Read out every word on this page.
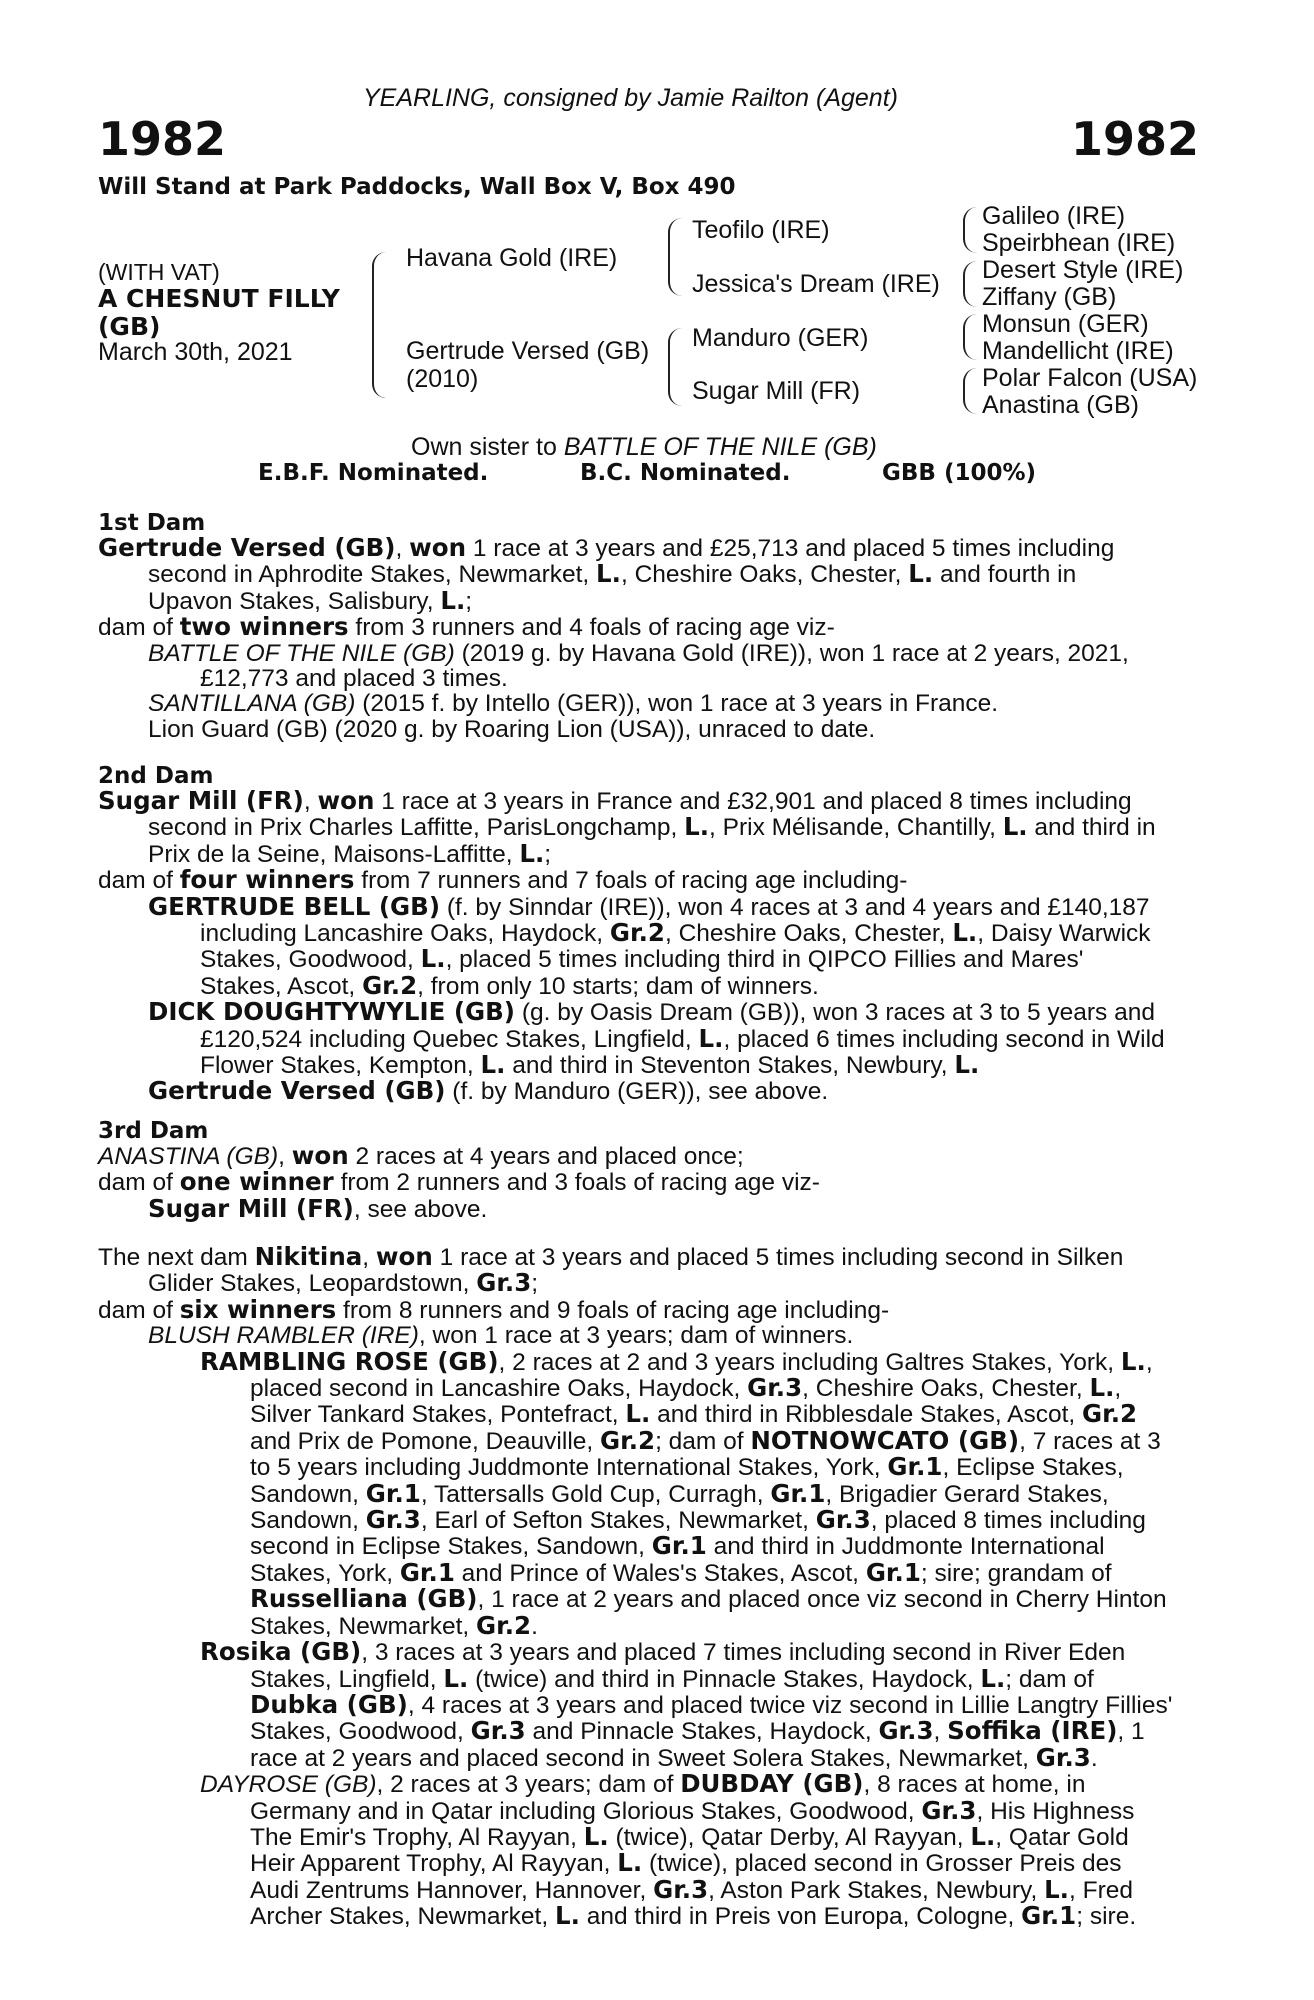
YEARLING, consigned by Jamie Railton (Agent)
1982	1982
Will Stand at Park Paddocks, Wall Box V, Box 490
(WITH VAT)
A CHESNUT FILLY
(GB)
March 30th, 2021
Havana Gold (IRE)
Gertrude Versed (GB)
(2010)
Teofilo (IRE)
Jessica's Dream (IRE)
Manduro (GER)
Sugar Mill (FR)
Galileo (IRE)
Speirbhean (IRE)
Desert Style (IRE)
Ziffany (GB)
Monsun (GER)
Mandellicht (IRE)
Polar Falcon (USA)
Anastina (GB)
Own sister to BATTLE OF THE NILE (GB)
E.B.F. Nominated.	B.C. Nominated.	GBB (100%)
1st Dam
Gertrude Versed (GB), won 1 race at 3 years and £25,713 and placed 5 times including
second in Aphrodite Stakes, Newmarket, L., Cheshire Oaks, Chester, L. and fourth in
Upavon Stakes, Salisbury, L.;
dam of two winners from 3 runners and 4 foals of racing age viz-
BATTLE OF THE NILE (GB) (2019 g. by Havana Gold (IRE)), won 1 race at 2 years, 2021,
£12,773 and placed 3 times.
SANTILLANA (GB) (2015 f. by Intello (GER)), won 1 race at 3 years in France.
Lion Guard (GB) (2020 g. by Roaring Lion (USA)), unraced to date.
2nd Dam
Sugar Mill (FR), won 1 race at 3 years in France and £32,901 and placed 8 times including
second in Prix Charles Laffitte, ParisLongchamp, L., Prix Mélisande, Chantilly, L. and third in
Prix de la Seine, Maisons-Laffitte, L.;
dam of four winners from 7 runners and 7 foals of racing age including-
GERTRUDE BELL (GB) (f. by Sinndar (IRE)), won 4 races at 3 and 4 years and £140,187
including Lancashire Oaks, Haydock, Gr.2, Cheshire Oaks, Chester, L., Daisy Warwick
Stakes, Goodwood, L., placed 5 times including third in QIPCO Fillies and Mares'
Stakes, Ascot, Gr.2, from only 10 starts; dam of winners.
DICK DOUGHTYWYLIE (GB) (g. by Oasis Dream (GB)), won 3 races at 3 to 5 years and
£120,524 including Quebec Stakes, Lingfield, L., placed 6 times including second in Wild
Flower Stakes, Kempton, L. and third in Steventon Stakes, Newbury, L.
Gertrude Versed (GB) (f. by Manduro (GER)), see above.
3rd Dam
ANASTINA (GB), won 2 races at 4 years and placed once;
dam of one winner from 2 runners and 3 foals of racing age viz-
Sugar Mill (FR), see above.
The next dam Nikitina, won 1 race at 3 years and placed 5 times including second in Silken
Glider Stakes, Leopardstown, Gr.3;
dam of six winners from 8 runners and 9 foals of racing age including-
BLUSH RAMBLER (IRE), won 1 race at 3 years; dam of winners.
RAMBLING ROSE (GB), 2 races at 2 and 3 years including Galtres Stakes, York, L.,
placed second in Lancashire Oaks, Haydock, Gr.3, Cheshire Oaks, Chester, L.,
Silver Tankard Stakes, Pontefract, L. and third in Ribblesdale Stakes, Ascot, Gr.2
and Prix de Pomone, Deauville, Gr.2; dam of NOTNOWCATO (GB), 7 races at 3
to 5 years including Juddmonte International Stakes, York, Gr.1, Eclipse Stakes,
Sandown, Gr.1, Tattersalls Gold Cup, Curragh, Gr.1, Brigadier Gerard Stakes,
Sandown, Gr.3, Earl of Sefton Stakes, Newmarket, Gr.3, placed 8 times including
second in Eclipse Stakes, Sandown, Gr.1 and third in Juddmonte International
Stakes, York, Gr.1 and Prince of Wales's Stakes, Ascot, Gr.1; sire; grandam of
Russelliana (GB), 1 race at 2 years and placed once viz second in Cherry Hinton
Stakes, Newmarket, Gr.2.
Rosika (GB), 3 races at 3 years and placed 7 times including second in River Eden
Stakes, Lingfield, L. (twice) and third in Pinnacle Stakes, Haydock, L.; dam of
Dubka (GB), 4 races at 3 years and placed twice viz second in Lillie Langtry Fillies'
Stakes, Goodwood, Gr.3 and Pinnacle Stakes, Haydock, Gr.3, Soffika (IRE), 1
race at 2 years and placed second in Sweet Solera Stakes, Newmarket, Gr.3.
DAYROSE (GB), 2 races at 3 years; dam of DUBDAY (GB), 8 races at home, in
Germany and in Qatar including Glorious Stakes, Goodwood, Gr.3, His Highness
The Emir's Trophy, Al Rayyan, L. (twice), Qatar Derby, Al Rayyan, L., Qatar Gold
Heir Apparent Trophy, Al Rayyan, L. (twice), placed second in Grosser Preis des
Audi Zentrums Hannover, Hannover, Gr.3, Aston Park Stakes, Newbury, L., Fred
Archer Stakes, Newmarket, L. and third in Preis von Europa, Cologne, Gr.1; sire.
